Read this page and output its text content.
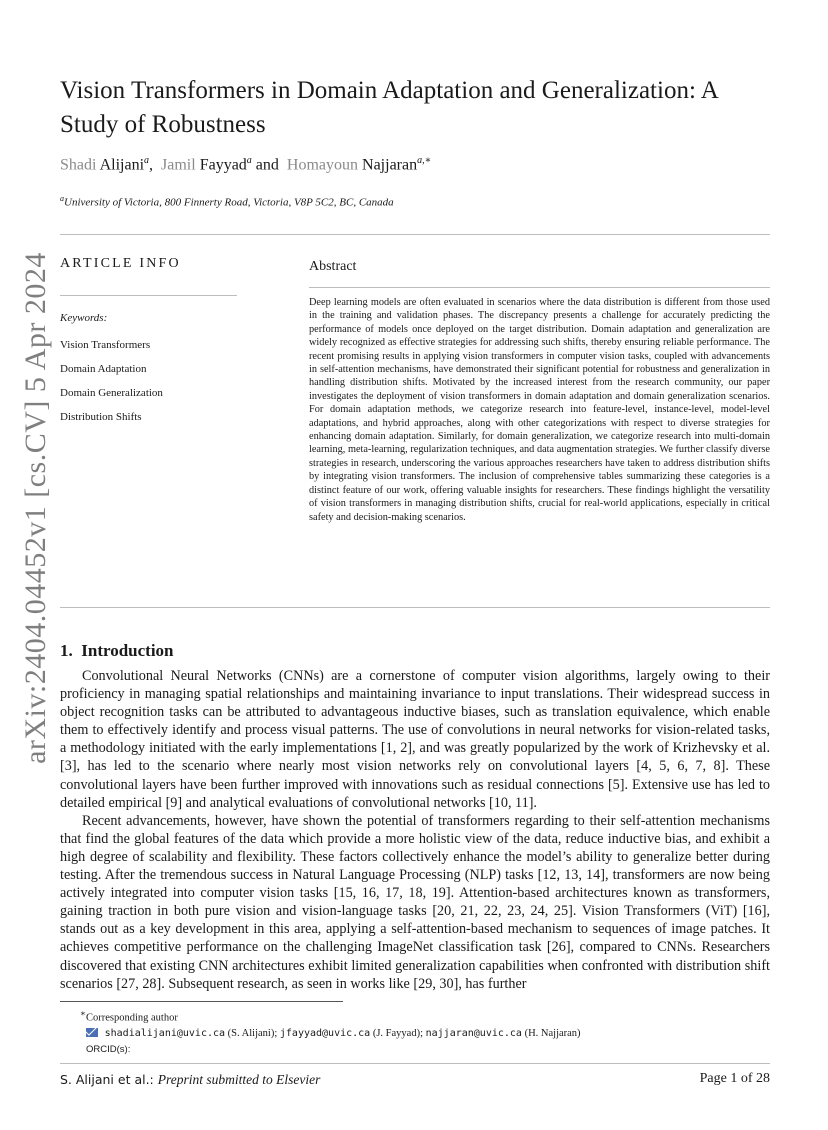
arXiv:2404.04452v1 [cs.CV] 5 Apr 2024
Vision Transformers in Domain Adaptation and Generalization: A Study of Robustness
Shadi Alijani$^a$, Jamil Fayyad$^a$ and Homayoun Najjaran$^{a,∗}$
$^a$University of Victoria, 800 Finnerty Road, Victoria, V8P 5C2, BC, Canada
ARTICLE INFO
Keywords:
Vision Transformers
Domain Adaptation
Domain Generalization
Distribution Shifts
Abstract
Deep learning models are often evaluated in scenarios where the data distribution is different from those used in the training and validation phases. The discrepancy presents a challenge for accurately predicting the performance of models once deployed on the target distribution. Domain adaptation and generalization are widely recognized as effective strategies for addressing such shifts, thereby ensuring reliable performance. The recent promising results in applying vision transformers in computer vision tasks, coupled with advancements in self-attention mechanisms, have demonstrated their significant potential for robustness and generalization in handling distribution shifts. Motivated by the increased interest from the research community, our paper investigates the deployment of vision transformers in domain adaptation and domain generalization scenarios. For domain adaptation methods, we categorize research into feature-level, instance-level, model-level adaptations, and hybrid approaches, along with other categorizations with respect to diverse strategies for enhancing domain adaptation. Similarly, for domain generalization, we categorize research into multi-domain learning, meta-learning, regularization techniques, and data augmentation strategies. We further classify diverse strategies in research, underscoring the various approaches researchers have taken to address distribution shifts by integrating vision transformers. The inclusion of comprehensive tables summarizing these categories is a distinct feature of our work, offering valuable insights for researchers. These findings highlight the versatility of vision transformers in managing distribution shifts, crucial for real-world applications, especially in critical safety and decision-making scenarios.
1. Introduction

Convolutional Neural Networks (CNNs) are a cornerstone of computer vision algorithms, largely owing to their proficiency in managing spatial relationships and maintaining invariance to input translations. Their widespread success in object recognition tasks can be attributed to advantageous inductive biases, such as translation equivalence, which enable them to effectively identify and process visual patterns. The use of convolutions in neural networks for vision-related tasks, a methodology initiated with the early implementations [1, 2], and was greatly popularized by the work of Krizhevsky et al. [3], has led to the scenario where nearly most vision networks rely on convolutional layers [4, 5, 6, 7, 8]. These convolutional layers have been further improved with innovations such as residual connections [5]. Extensive use has led to detailed empirical [9] and analytical evaluations of convolutional networks [10, 11].

Recent advancements, however, have shown the potential of transformers regarding to their self-attention mechanisms that find the global features of the data which provide a more holistic view of the data, reduce inductive bias, and exhibit a high degree of scalability and flexibility. These factors collectively enhance the model’s ability to generalize better during testing. After the tremendous success in Natural Language Processing (NLP) tasks [12, 13, 14], transformers are now being actively integrated into computer vision tasks [15, 16, 17, 18, 19]. Attention-based architectures known as transformers, gaining traction in both pure vision and vision-language tasks [20, 21, 22, 23, 24, 25]. Vision Transformers (ViT) [16], stands out as a key development in this area, applying a self-attention-based mechanism to sequences of image patches. It achieves competitive performance on the challenging ImageNet classification task [26], compared to CNNs. Researchers discovered that existing CNN architectures exhibit limited generalization capabilities when confronted with distribution shift scenarios [27, 28]. Subsequent research, as seen in works like [29, 30], has further

∗Corresponding author
shadialijani@uvic.ca (S. Alijani); jfayyad@uvic.ca (J. Fayyad); najjaran@uvic.ca (H. Najjaran)
ORCID(s):
S. Alijani et al.: Preprint submitted to Elsevier	Page 1 of 28
